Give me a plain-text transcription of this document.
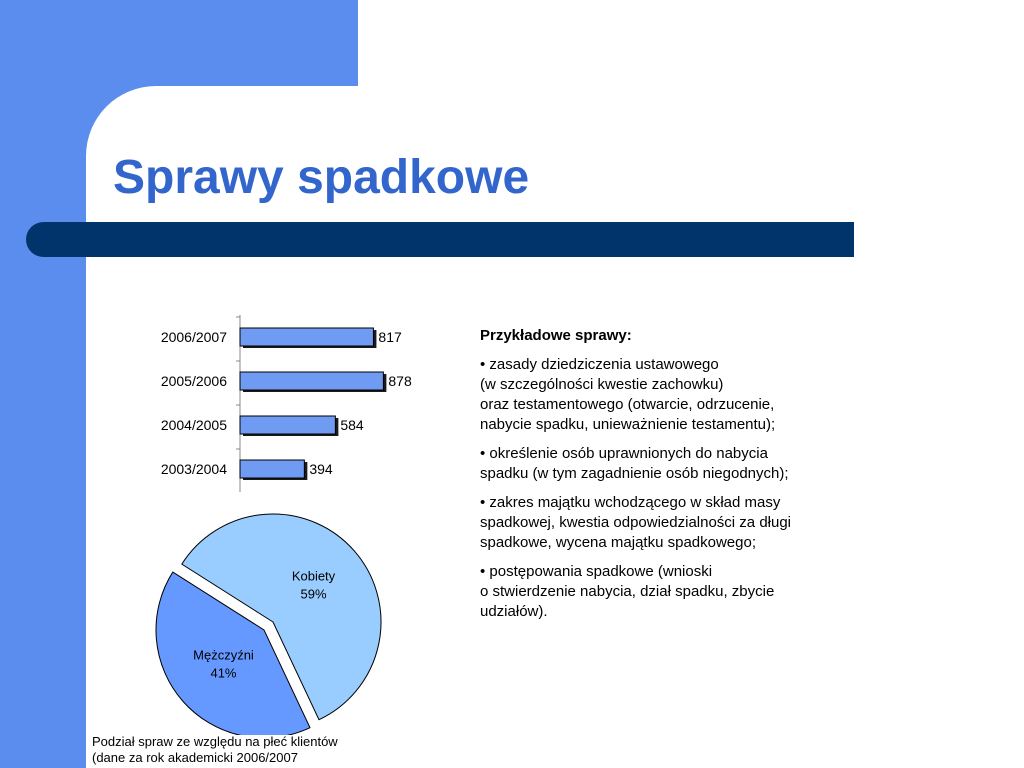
Sprawy spadkowe
2006/2007	817
2005/2006	878
2004/2005	584
2003/2004	394
Kobiety
59%
Mężczyźni
41%
Podział spraw ze względu na płeć klientów
(dane za rok akademicki 2006/2007
Przykładowe sprawy:
• zasady dziedziczenia ustawowego
(w szczególności kwestie zachowku)
oraz testamentowego (otwarcie, odrzucenie,
nabycie spadku, unieważnienie testamentu);
• określenie osób uprawnionych do nabycia
spadku (w tym zagadnienie osób niegodnych);
• zakres majątku wchodzącego w skład masy
spadkowej, kwestia odpowiedzialności za długi
spadkowe, wycena majątku spadkowego;
• postępowania spadkowe (wnioski
o stwierdzenie nabycia, dział spadku, zbycie
udziałów).
